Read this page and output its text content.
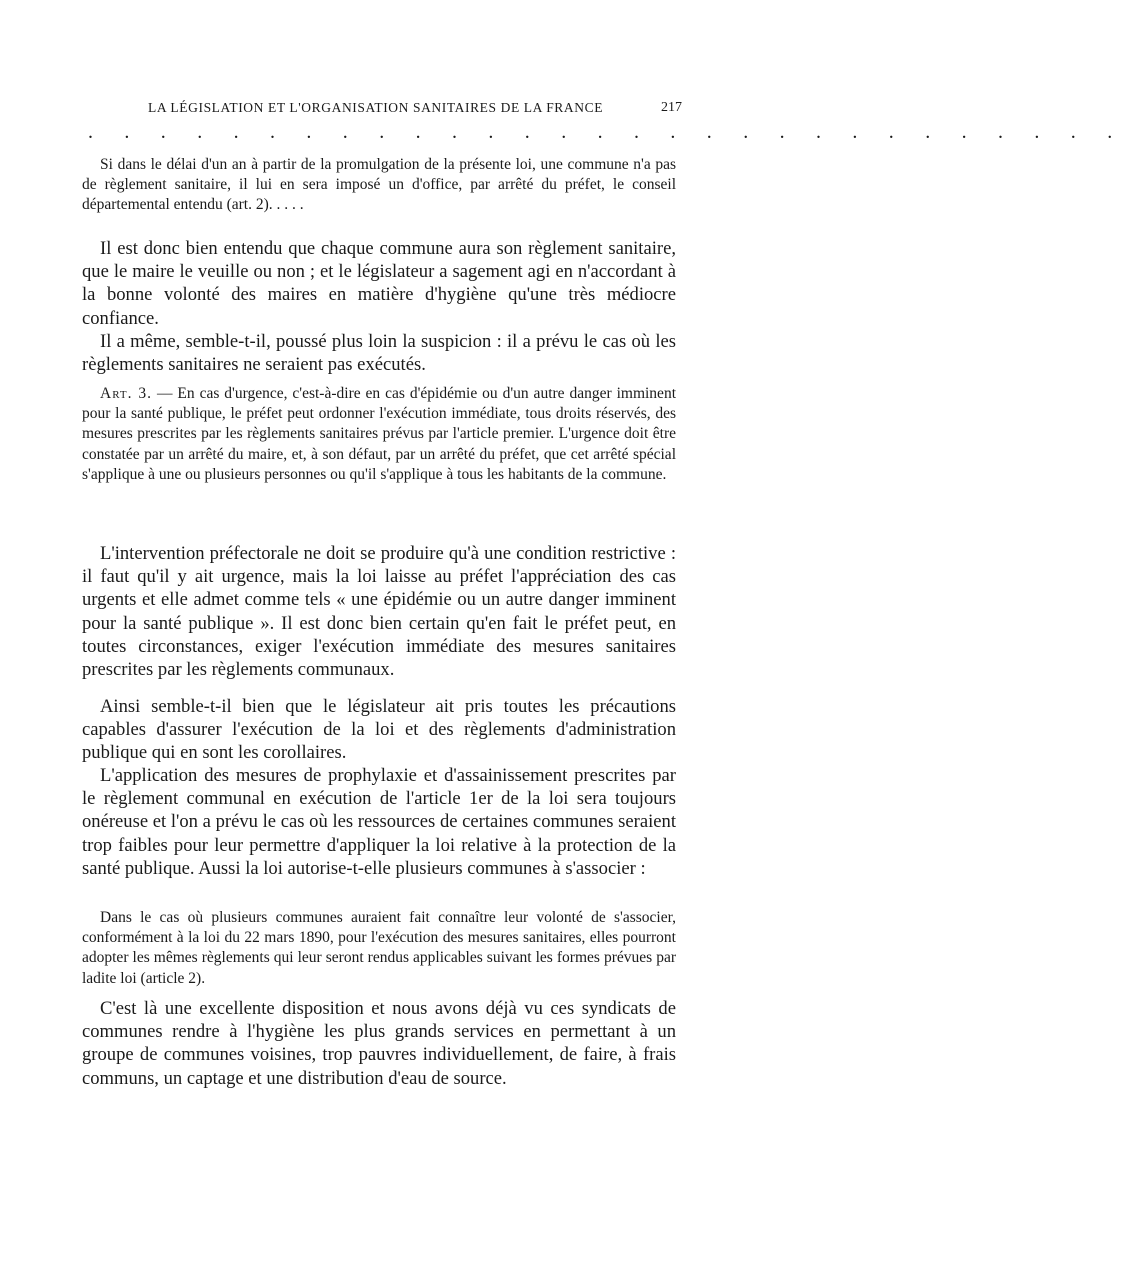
LA LÉGISLATION ET L'ORGANISATION SANITAIRES DE LA FRANCE	217
. . . . . . . . . . . . . . . . . . . . . . . . . . . . .

Si dans le délai d'un an à partir de la promulgation de la présente loi, une commune n'a pas de règlement sanitaire, il lui en sera imposé un d'office, par arrêté du préfet, le conseil départemental entendu (art. 2). . . . .

Il est donc bien entendu que chaque commune aura son règlement sanitaire, que le maire le veuille ou non ; et le législateur a sagement agi en n'accordant à la bonne volonté des maires en matière d'hygiène qu'une très médiocre confiance.

Il a même, semble-t-il, poussé plus loin la suspicion : il a prévu le cas où les règlements sanitaires ne seraient pas exécutés.

Art. 3. — En cas d'urgence, c'est-à-dire en cas d'épidémie ou d'un autre danger imminent pour la santé publique, le préfet peut ordonner l'exécution immédiate, tous droits réservés, des mesures prescrites par les règlements sanitaires prévus par l'article premier. L'urgence doit être constatée par un arrêté du maire, et, à son défaut, par un arrêté du préfet, que cet arrêté spécial s'applique à une ou plusieurs personnes ou qu'il s'applique à tous les habitants de la commune.

L'intervention préfectorale ne doit se produire qu'à une condition restrictive : il faut qu'il y ait urgence, mais la loi laisse au préfet l'appréciation des cas urgents et elle admet comme tels « une épidémie ou un autre danger imminent pour la santé publique ». Il est donc bien certain qu'en fait le préfet peut, en toutes circonstances, exiger l'exécution immédiate des mesures sanitaires prescrites par les règlements communaux.

Ainsi semble-t-il bien que le législateur ait pris toutes les précautions capables d'assurer l'exécution de la loi et des règlements d'administration publique qui en sont les corollaires.

L'application des mesures de prophylaxie et d'assainissement prescrites par le règlement communal en exécution de l'article 1er de la loi sera toujours onéreuse et l'on a prévu le cas où les ressources de certaines communes seraient trop faibles pour leur permettre d'appliquer la loi relative à la protection de la santé publique. Aussi la loi autorise-t-elle plusieurs communes à s'associer :

Dans le cas où plusieurs communes auraient fait connaître leur volonté de s'associer, conformément à la loi du 22 mars 1890, pour l'exécution des mesures sanitaires, elles pourront adopter les mêmes règlements qui leur seront rendus applicables suivant les formes prévues par ladite loi (article 2).

C'est là une excellente disposition et nous avons déjà vu ces syndicats de communes rendre à l'hygiène les plus grands services en permettant à un groupe de communes voisines, trop pauvres individuellement, de faire, à frais communs, un captage et une distribution d'eau de source.
